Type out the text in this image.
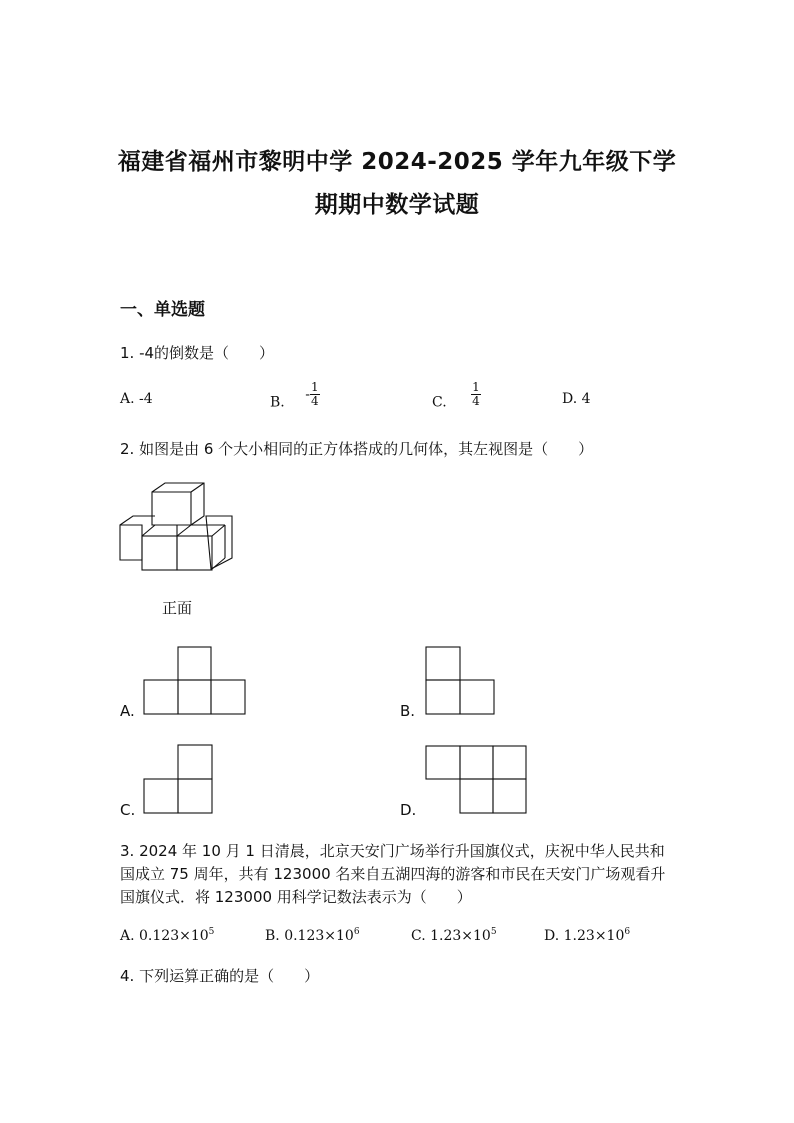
福建省福州市黎明中学 2024-2025 学年九年级下学
期期中数学试题
一、单选题
1. -4的倒数是（　　）
A. -4	B. - $\frac{1}{4}$	C. $\frac{1}{4}$	D. 4
2. 如图是由 6 个大小相同的正方体搭成的几何体，其左视图是（　　）
正面
A.	B.
C.	D.
3. 2024 年 10 月 1 日清晨，北京天安门广场举行升国旗仪式，庆祝中华人民共和
国成立 75 周年，共有 123000 名来自五湖四海的游客和市民在天安门广场观看升
国旗仪式．将 123000 用科学记数法表示为（　　）
A. $0.123\times 10^5$	B. $0.123\times 10^6$	C. $1.23\times 10^5$	D. $1.23\times 10^6$
4. 下列运算正确的是（　　）
